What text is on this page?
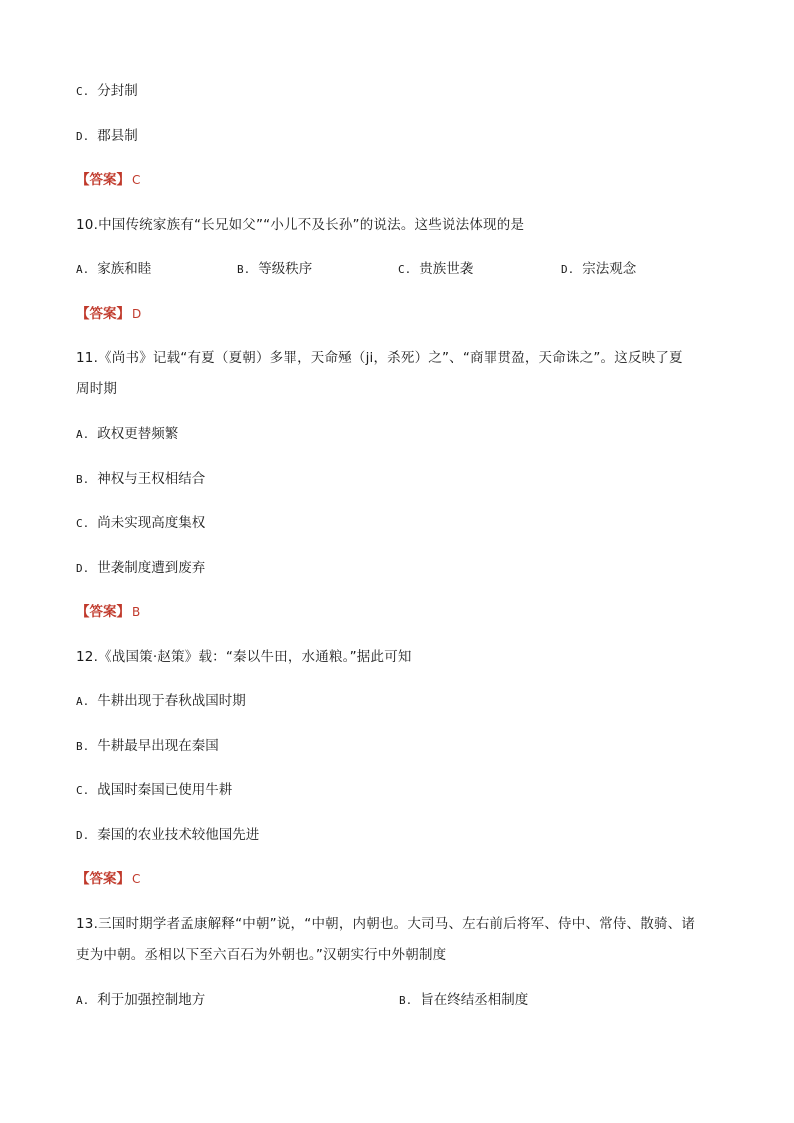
C. 分封制
D. 郡县制
【答案】 C
10.中国传统家族有“长兄如父”“小儿不及长孙”的说法。这些说法体现的是
A. 家族和睦	B. 等级秩序	C. 贵族世袭	D. 宗法观念
【答案】 D
11.《尚书》记载“有夏（夏朝）多罪，天命殛（ji，杀死）之”、“商罪贯盈，天命诛之”。这反映了夏
周时期
A. 政权更替频繁
B. 神权与王权相结合
C. 尚未实现高度集权
D. 世袭制度遭到废弃
【答案】 B
12.《战国策·赵策》载：“秦以牛田，水通粮。”据此可知
A. 牛耕出现于春秋战国时期
B. 牛耕最早出现在秦国
C. 战国时秦国已使用牛耕
D. 秦国的农业技术较他国先进
【答案】 C
13.三国时期学者孟康解释“中朝”说，“中朝，内朝也。大司马、左右前后将军、侍中、常侍、散骑、诸
吏为中朝。丞相以下至六百石为外朝也。”汉朝实行中外朝制度
A. 利于加强控制地方	B. 旨在终结丞相制度
